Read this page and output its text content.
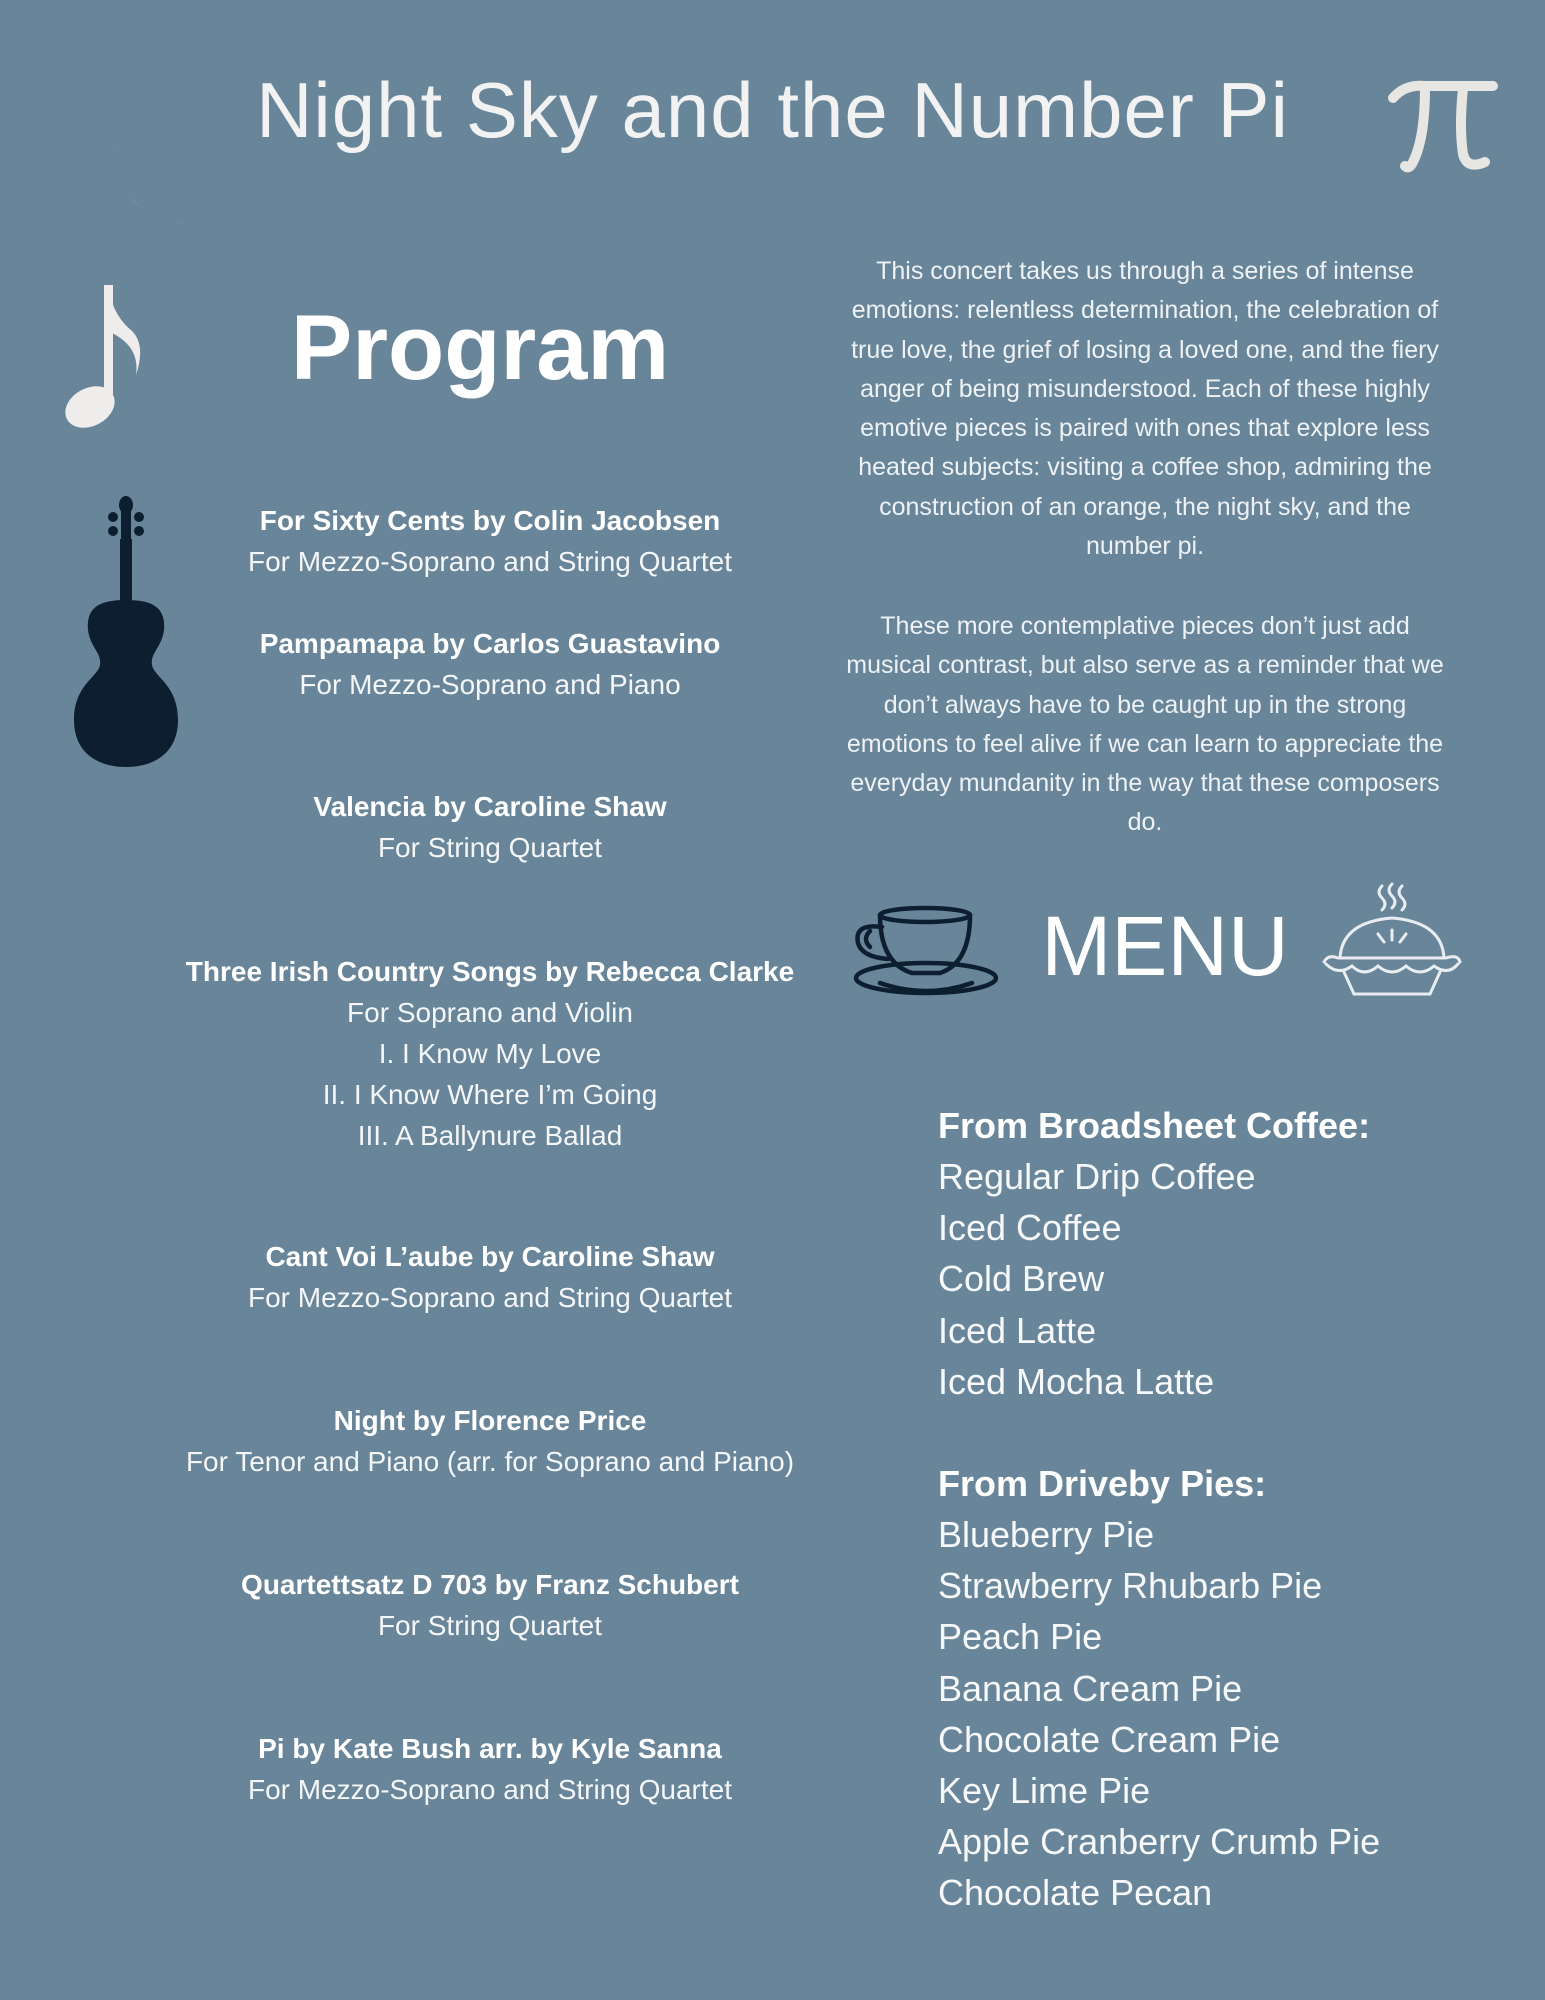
Night Sky and the Number Pi
Program
For Sixty Cents by Colin Jacobsen
For Mezzo-Soprano and String Quartet
Pampamapa by Carlos Guastavino
For Mezzo-Soprano and Piano
Valencia by Caroline Shaw
For String Quartet
Three Irish Country Songs by Rebecca Clarke
For Soprano and Violin
I. I Know My Love
II. I Know Where I’m Going
III. A Ballynure Ballad
Cant Voi L’aube by Caroline Shaw
For Mezzo-Soprano and String Quartet
Night by Florence Price
For Tenor and Piano (arr. for Soprano and Piano)
Quartettsatz D 703 by Franz Schubert
For String Quartet
Pi by Kate Bush arr. by Kyle Sanna
For Mezzo-Soprano and String Quartet
This concert takes us through a series of intense
emotions: relentless determination, the celebration of
true love, the grief of losing a loved one, and the fiery
anger of being misunderstood. Each of these highly
emotive pieces is paired with ones that explore less
heated subjects: visiting a coffee shop, admiring the
construction of an orange, the night sky, and the
number pi.
These more contemplative pieces don’t just add
musical contrast, but also serve as a reminder that we
don’t always have to be caught up in the strong
emotions to feel alive if we can learn to appreciate the
everyday mundanity in the way that these composers
do.
MENU
From Broadsheet Coffee:
Regular Drip Coffee
Iced Coffee
Cold Brew
Iced Latte
Iced Mocha Latte
From Driveby Pies:
Blueberry Pie
Strawberry Rhubarb Pie
Peach Pie
Banana Cream Pie
Chocolate Cream Pie
Key Lime Pie
Apple Cranberry Crumb Pie
Chocolate Pecan
